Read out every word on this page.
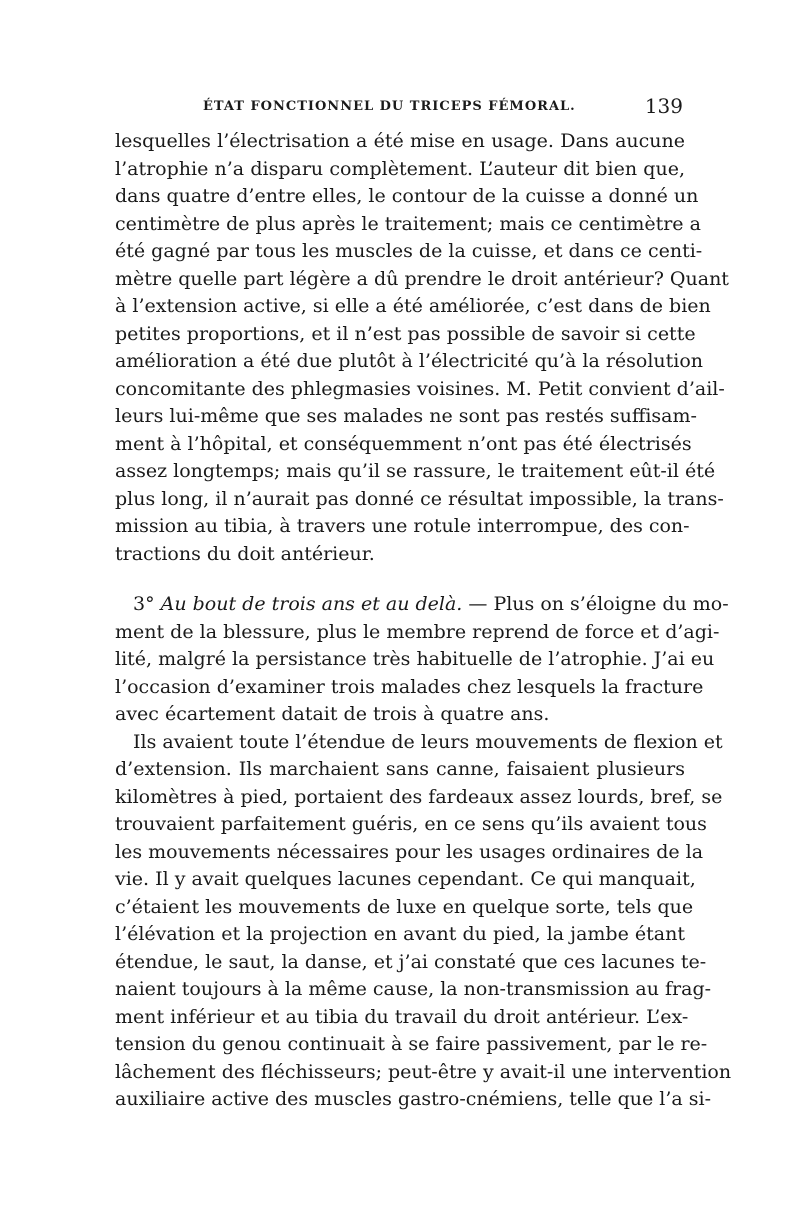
ÉTAT FONCTIONNEL DU TRICEPS FÉMORAL.	139
lesquelles l’électrisation a été mise en usage. Dans aucune
l’atrophie n’a disparu complètement. L’auteur dit bien que,
dans quatre d’entre elles, le contour de la cuisse a donné un
centimètre de plus après le traitement; mais ce centimètre a
été gagné par tous les muscles de la cuisse, et dans ce centi-
mètre quelle part légère a dû prendre le droit antérieur? Quant
à l’extension active, si elle a été améliorée, c’est dans de bien
petites proportions, et il n’est pas possible de savoir si cette
amélioration a été due plutôt à l’électricité qu’à la résolution
concomitante des phlegmasies voisines. M. Petit convient d’ail-
leurs lui-même que ses malades ne sont pas restés suffisam-
ment à l’hôpital, et conséquemment n’ont pas été électrisés
assez longtemps; mais qu’il se rassure, le traitement eût-il été
plus long, il n’aurait pas donné ce résultat impossible, la trans-
mission au tibia, à travers une rotule interrompue, des con-
tractions du doit antérieur.
3° Au bout de trois ans et au delà. — Plus on s’éloigne du mo-
ment de la blessure, plus le membre reprend de force et d’agi-
lité, malgré la persistance très habituelle de l’atrophie. J’ai eu
l’occasion d’examiner trois malades chez lesquels la fracture
avec écartement datait de trois à quatre ans.
Ils avaient toute l’étendue de leurs mouvements de flexion et
d’extension. Ils marchaient sans canne, faisaient plusieurs
kilomètres à pied, portaient des fardeaux assez lourds, bref, se
trouvaient parfaitement guéris, en ce sens qu’ils avaient tous
les mouvements nécessaires pour les usages ordinaires de la
vie. Il y avait quelques lacunes cependant. Ce qui manquait,
c’étaient les mouvements de luxe en quelque sorte, tels que
l’élévation et la projection en avant du pied, la jambe étant
étendue, le saut, la danse, et j’ai constaté que ces lacunes te-
naient toujours à la même cause, la non-transmission au frag-
ment inférieur et au tibia du travail du droit antérieur. L’ex-
tension du genou continuait à se faire passivement, par le re-
lâchement des fléchisseurs; peut-être y avait-il une intervention
auxiliaire active des muscles gastro-cnémiens, telle que l’a si-
